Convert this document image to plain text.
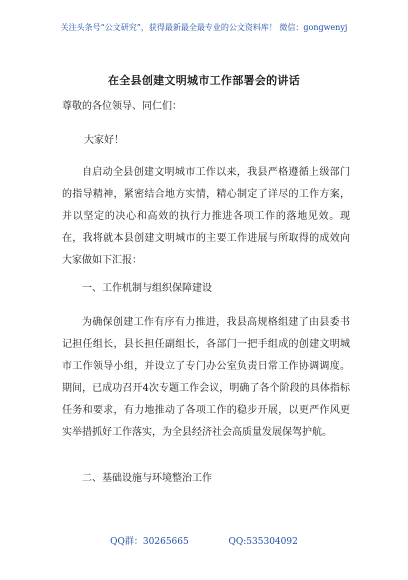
关注头条号“公文研究”，获得最新最全最专业的公文资料库！ 微信：gongwenyj
在全县创建文明城市工作部署会的讲话
尊敬的各位领导、同仁们：
大家好！
自启动全县创建文明城市工作以来，我县严格遵循上级部门的指导精神，紧密结合地方实情，精心制定了详尽的工作方案，并以坚定的决心和高效的执行力推进各项工作的落地见效。现在，我将就本县创建文明城市的主要工作进展与所取得的成效向大家做如下汇报：
一、工作机制与组织保障建设
为确保创建工作有序有力推进，我县高规格组建了由县委书记担任组长，县长担任副组长，各部门一把手组成的创建文明城市工作领导小组，并设立了专门办公室负责日常工作协调调度。期间，已成功召开4次专题工作会议，明确了各个阶段的具体指标任务和要求，有力地推动了各项工作的稳步开展，以更严作风更实举措抓好工作落实，为全县经济社会高质量发展保驾护航。
二、基础设施与环境整治工作
QQ群：30265665	QQ:535304092
